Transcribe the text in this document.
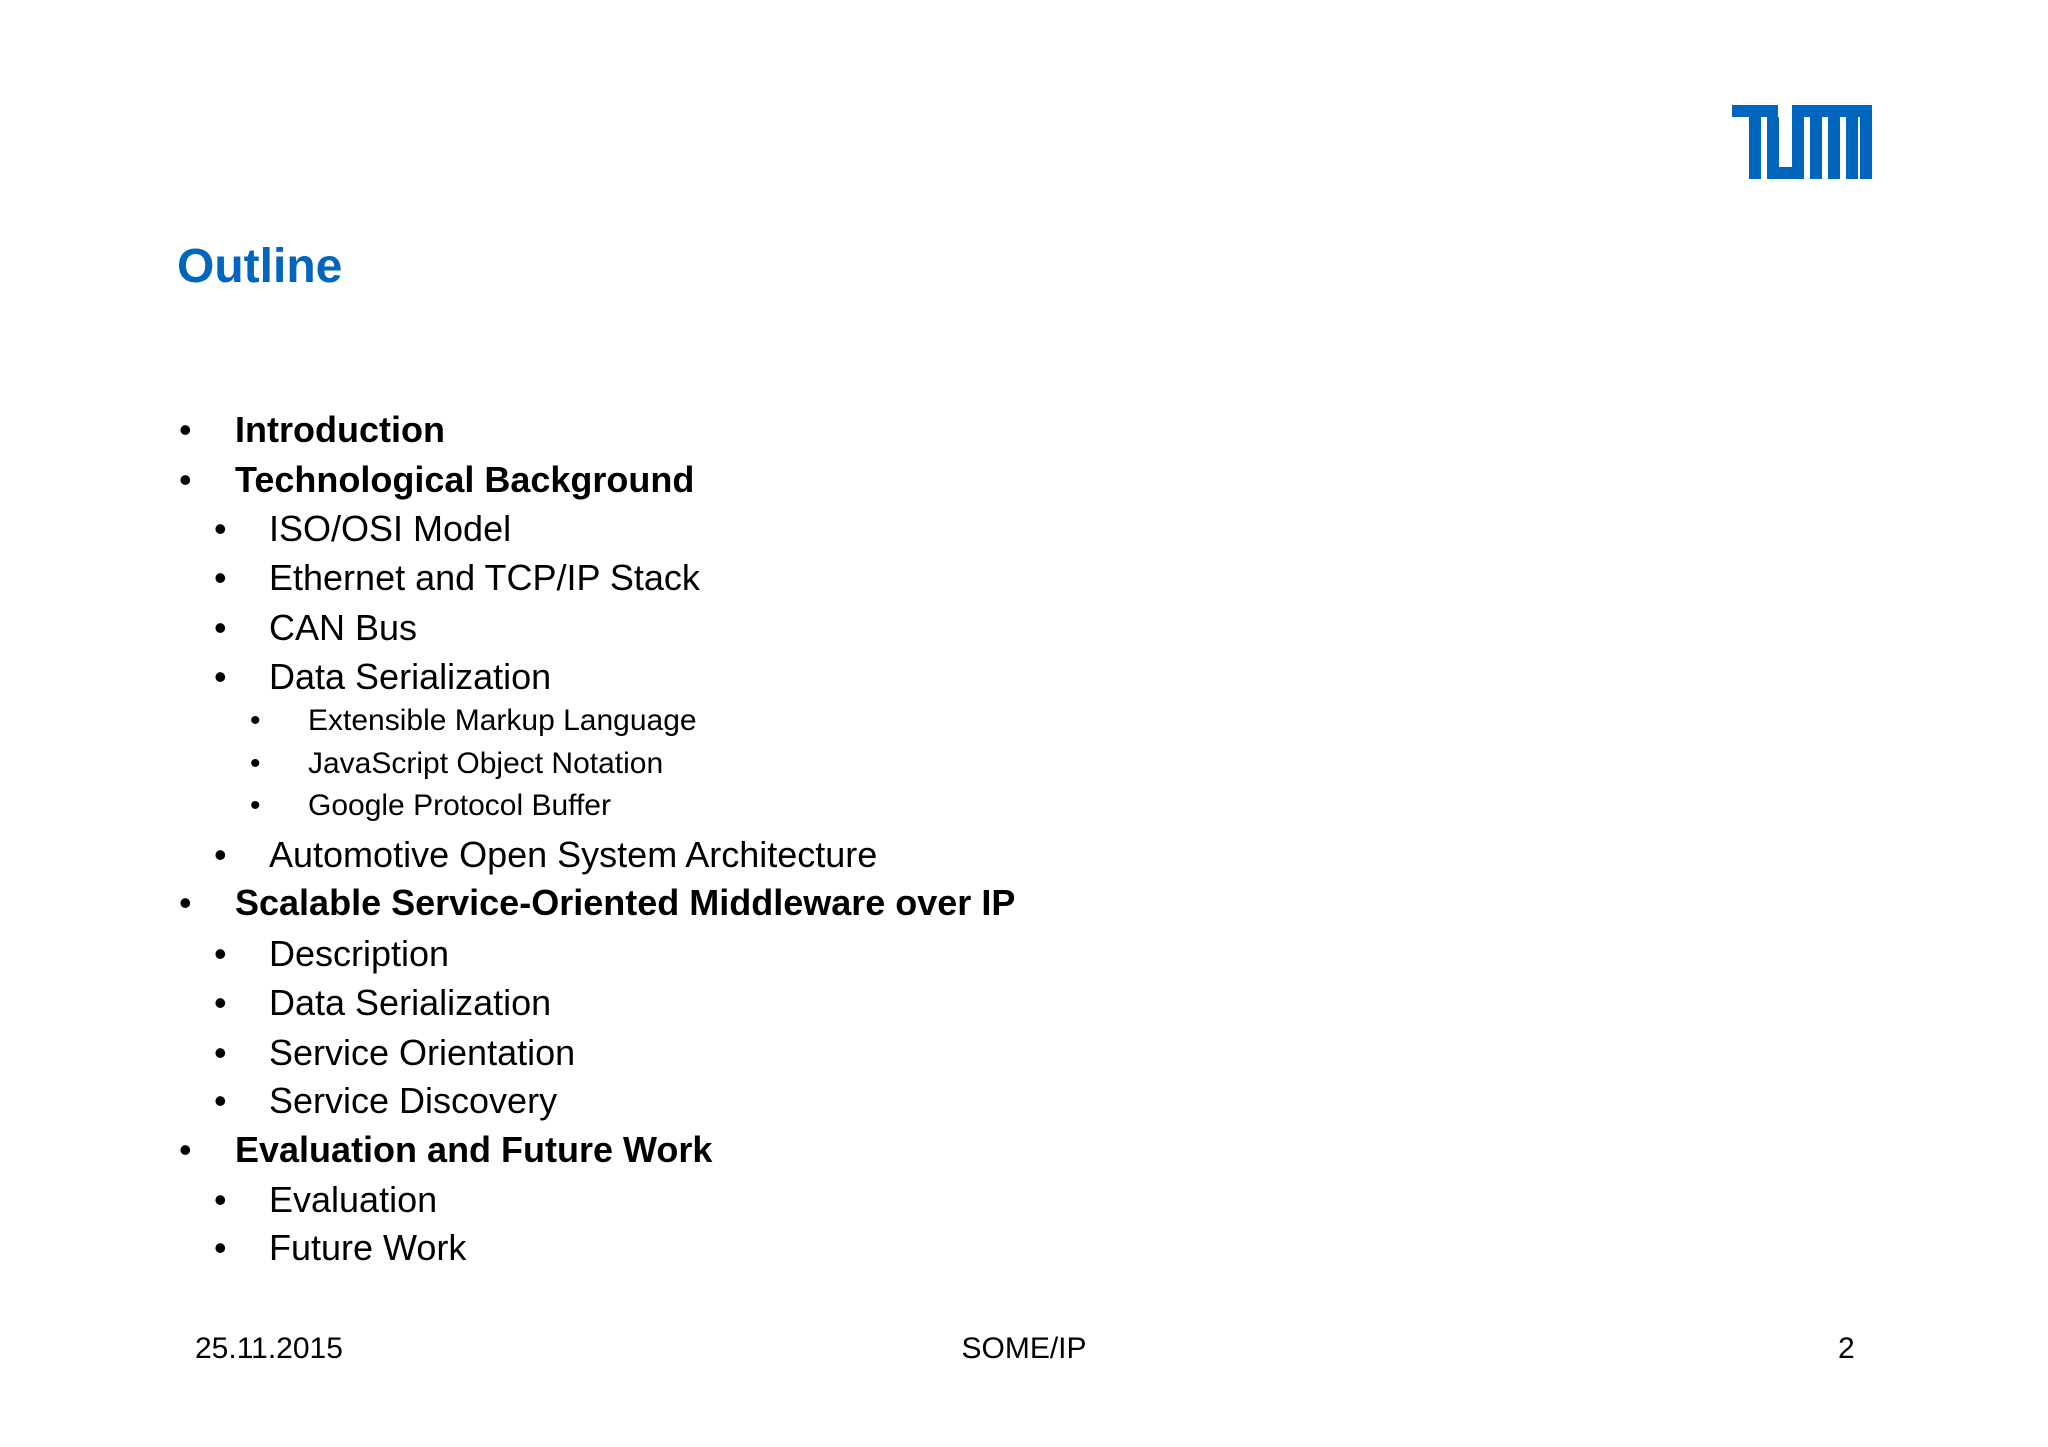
Outline
• Introduction
• Technological Background
• ISO/OSI Model
• Ethernet and TCP/IP Stack
• CAN Bus
• Data Serialization
• Extensible Markup Language
• JavaScript Object Notation
• Google Protocol Buffer
• Automotive Open System Architecture
• Scalable Service-Oriented Middleware over IP
• Description
• Data Serialization
• Service Orientation
• Service Discovery
• Evaluation and Future Work
• Evaluation
• Future Work
25.11.2015	SOME/IP	2
